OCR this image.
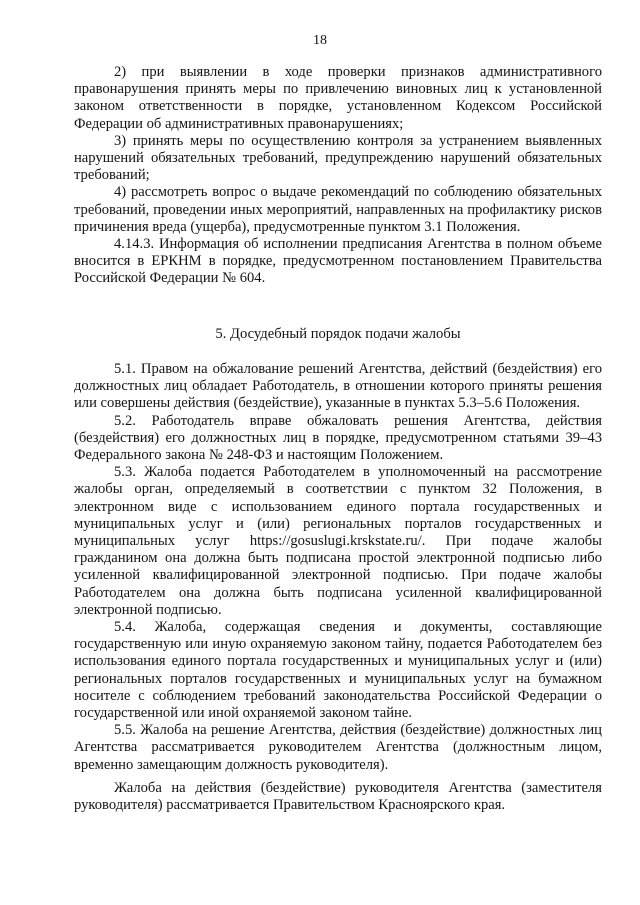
18

2) при выявлении в ходе проверки признаков административного правонарушения принять меры по привлечению виновных лиц к установленной законом ответственности в порядке, установленном Кодексом Российской Федерации об административных правонарушениях;

3) принять меры по осуществлению контроля за устранением выявленных нарушений обязательных требований, предупреждению нарушений обязательных требований;

4) рассмотреть вопрос о выдаче рекомендаций по соблюдению обязательных требований, проведении иных мероприятий, направленных на профилактику рисков причинения вреда (ущерба), предусмотренные пунктом 3.1 Положения.

4.14.3. Информация об исполнении предписания Агентства в полном объеме вносится в ЕРКНМ в порядке, предусмотренном постановлением Правительства Российской Федерации № 604.

5. Досудебный порядок подачи жалобы

5.1. Правом на обжалование решений Агентства, действий (бездействия) его должностных лиц обладает Работодатель, в отношении которого приняты решения или совершены действия (бездействие), указанные в пунктах 5.3–5.6 Положения.

5.2. Работодатель вправе обжаловать решения Агентства, действия (бездействия) его должностных лиц в порядке, предусмотренном статьями 39–43 Федерального закона № 248-ФЗ и настоящим Положением.

5.3. Жалоба подается Работодателем в уполномоченный на рассмотрение жалобы орган, определяемый в соответствии с пунктом 32 Положения, в электронном виде с использованием единого портала государственных и муниципальных услуг и (или) региональных порталов государственных и муниципальных услуг https://gosuslugi.krskstate.ru/. При подаче жалобы гражданином она должна быть подписана простой электронной подписью либо усиленной квалифицированной электронной подписью. При подаче жалобы Работодателем она должна быть подписана усиленной квалифицированной электронной подписью.

5.4. Жалоба, содержащая сведения и документы, составляющие государственную или иную охраняемую законом тайну, подается Работодателем без использования единого портала государственных и муниципальных услуг и (или) региональных порталов государственных и муниципальных услуг на бумажном носителе с соблюдением требований законодательства Российской Федерации о государственной или иной охраняемой законом тайне.

5.5. Жалоба на решение Агентства, действия (бездействие) должностных лиц Агентства рассматривается руководителем Агентства (должностным лицом, временно замещающим должность руководителя).

Жалоба на действия (бездействие) руководителя Агентства (заместителя руководителя) рассматривается Правительством Красноярского края.
